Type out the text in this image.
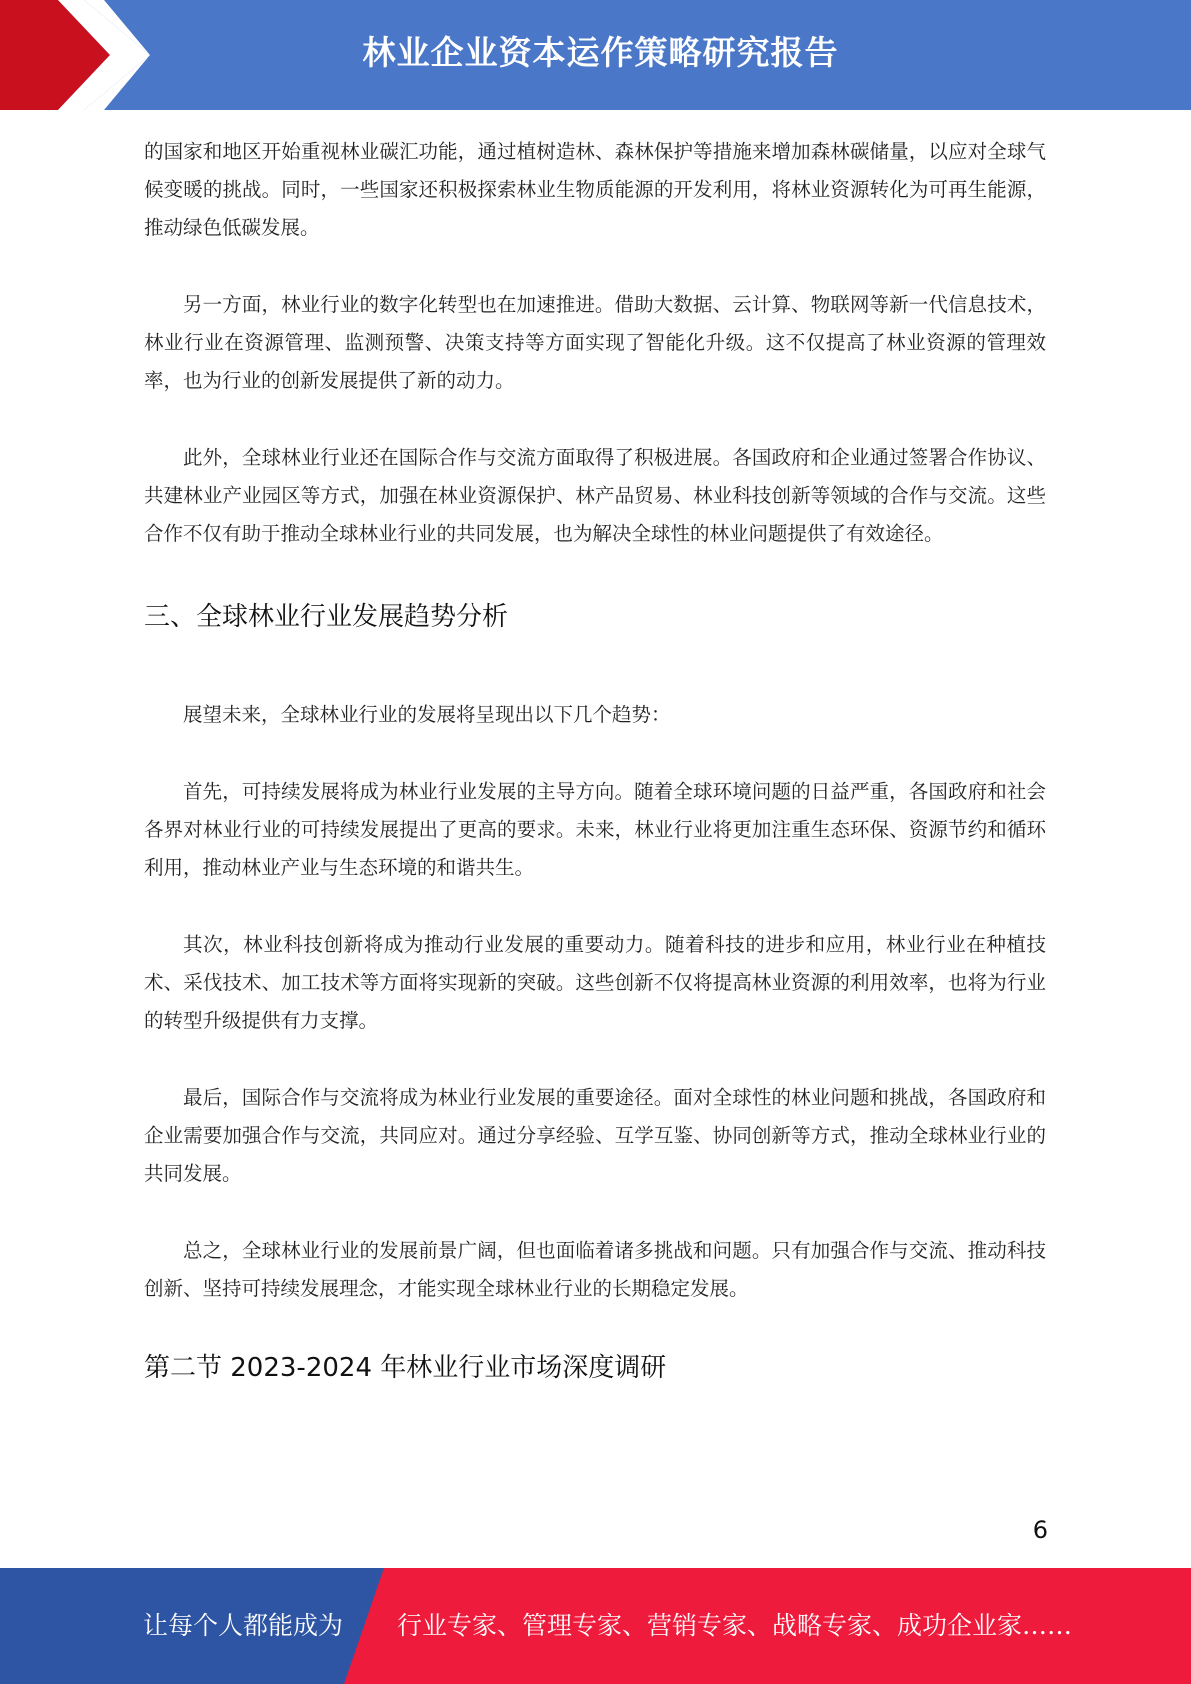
林业企业资本运作策略研究报告

的国家和地区开始重视林业碳汇功能，通过植树造林、森林保护等措施来增加森林碳储量，以应对全球气候变暖的挑战。同时，一些国家还积极探索林业生物质能源的开发利用，将林业资源转化为可再生能源，推动绿色低碳发展。

另一方面，林业行业的数字化转型也在加速推进。借助大数据、云计算、物联网等新一代信息技术，林业行业在资源管理、监测预警、决策支持等方面实现了智能化升级。这不仅提高了林业资源的管理效率，也为行业的创新发展提供了新的动力。

此外，全球林业行业还在国际合作与交流方面取得了积极进展。各国政府和企业通过签署合作协议、共建林业产业园区等方式，加强在林业资源保护、林产品贸易、林业科技创新等领域的合作与交流。这些合作不仅有助于推动全球林业行业的共同发展，也为解决全球性的林业问题提供了有效途径。

三、全球林业行业发展趋势分析

展望未来，全球林业行业的发展将呈现出以下几个趋势：

首先，可持续发展将成为林业行业发展的主导方向。随着全球环境问题的日益严重，各国政府和社会各界对林业行业的可持续发展提出了更高的要求。未来，林业行业将更加注重生态环保、资源节约和循环利用，推动林业产业与生态环境的和谐共生。

其次，林业科技创新将成为推动行业发展的重要动力。随着科技的进步和应用，林业行业在种植技术、采伐技术、加工技术等方面将实现新的突破。这些创新不仅将提高林业资源的利用效率，也将为行业的转型升级提供有力支撑。

最后，国际合作与交流将成为林业行业发展的重要途径。面对全球性的林业问题和挑战，各国政府和企业需要加强合作与交流，共同应对。通过分享经验、互学互鉴、协同创新等方式，推动全球林业行业的共同发展。

总之，全球林业行业的发展前景广阔，但也面临着诸多挑战和问题。只有加强合作与交流、推动科技创新、坚持可持续发展理念，才能实现全球林业行业的长期稳定发展。

第二节 2023-2024 年林业行业市场深度调研
6
让每个人都能成为 行业专家、管理专家、营销专家、战略专家、成功企业家……
